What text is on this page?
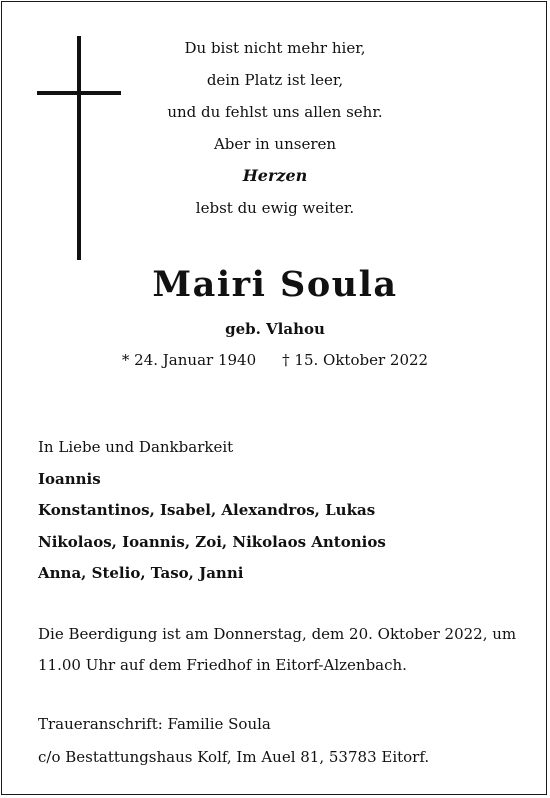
Du bist nicht mehr hier,
dein Platz ist leer,
und du fehlst uns allen sehr.
Aber in unseren
Herzen
lebst du ewig weiter.
Mairi Soula
geb. Vlahou
* 24. Januar 1940 † 15. Oktober 2022
In Liebe und Dankbarkeit
Ioannis
Konstantinos, Isabel, Alexandros, Lukas
Nikolaos, Ioannis, Zoi, Nikolaos Antonios
Anna, Stelio, Taso, Janni
Die Beerdigung ist am Donnerstag, dem 20. Oktober 2022, um
11.00 Uhr auf dem Friedhof in Eitorf-Alzenbach.
Traueranschrift: Familie Soula
c/o Bestattungshaus Kolf, Im Auel 81, 53783 Eitorf.
